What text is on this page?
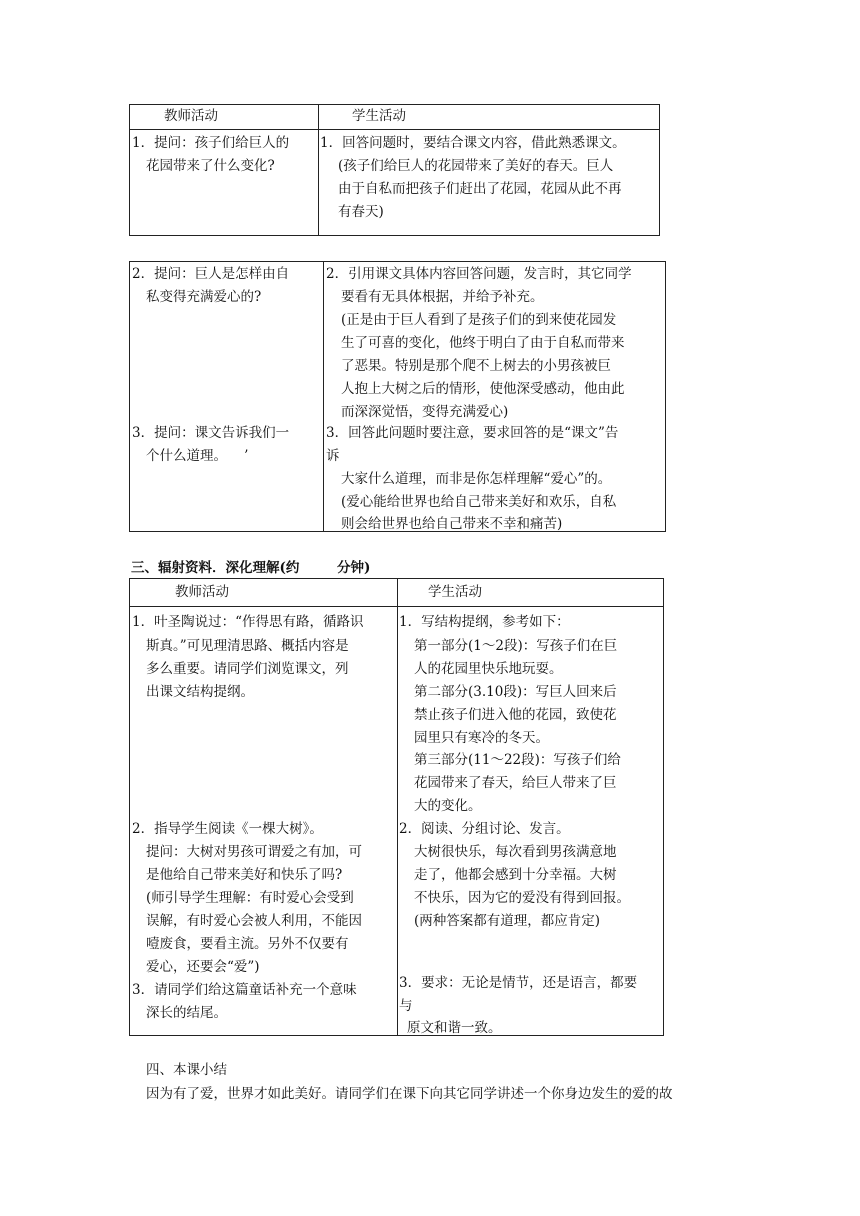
教师活动	学生活动
1．提问：孩子们给巨人的
花园带来了什么变化?
1．回答问题时，要结合课文内容，借此熟悉课文。
(孩子们给巨人的花园带来了美好的春天。巨人
由于自私而把孩子们赶出了花园，花园从此不再
有春天)
2．提问：巨人是怎样由自
私变得充满爱心的?
2．引用课文具体内容回答问题，发言时，其它同学
要看有无具体根据，并给予补充。
(正是由于巨人看到了是孩子们的到来使花园发
生了可喜的变化，他终于明白了由于自私而带来
了恶果。特别是那个爬不上树去的小男孩被巨
人抱上大树之后的情形，使他深受感动，他由此
而深深觉悟，变得充满爱心)
3．提问：课文告诉我们一
个什么道理。    ’
3．回答此问题时要注意，要求回答的是“课文”告
诉
大家什么道理，而非是你怎样理解“爱心”的。
(爱心能给世界也给自己带来美好和欢乐，自私
则会给世界也给自己带来不幸和痛苦)
三、辐射资料．深化理解(约        分钟)
教师活动	学生活动
1．叶圣陶说过：“作得思有路，循路识
斯真。”可见理清思路、概括内容是
多么重要。请同学们浏览课文，列
出课文结构提纲。
1．写结构提纲，参考如下：
第一部分(1～2段)：写孩子们在巨
人的花园里快乐地玩耍。
第二部分(3.10段)：写巨人回来后
禁止孩子们进入他的花园，致使花
园里只有寒冷的冬天。
第三部分(11～22段)：写孩子们给
花园带来了春天，给巨人带来了巨
大的变化。
2．指导学生阅读《一棵大树》。
提问：大树对男孩可谓爱之有加，可
是他给自己带来美好和快乐了吗?
(师引导学生理解：有时爱心会受到
误解，有时爱心会被人利用，不能因
噎废食，要看主流。另外不仅要有
爱心，还要会“爱”)
2．阅读、分组讨论、发言。
大树很快乐，每次看到男孩满意地
走了，他都会感到十分幸福。大树
不快乐，因为它的爱没有得到回报。
(两种答案都有道理，都应肯定)
3．请同学们给这篇童话补充一个意味
深长的结尾。
3．要求：无论是情节，还是语言，都要
与
原文和谐一致。
四、本课小结
因为有了爱，世界才如此美好。请同学们在课下向其它同学讲述一个你身边发生的爱的故
